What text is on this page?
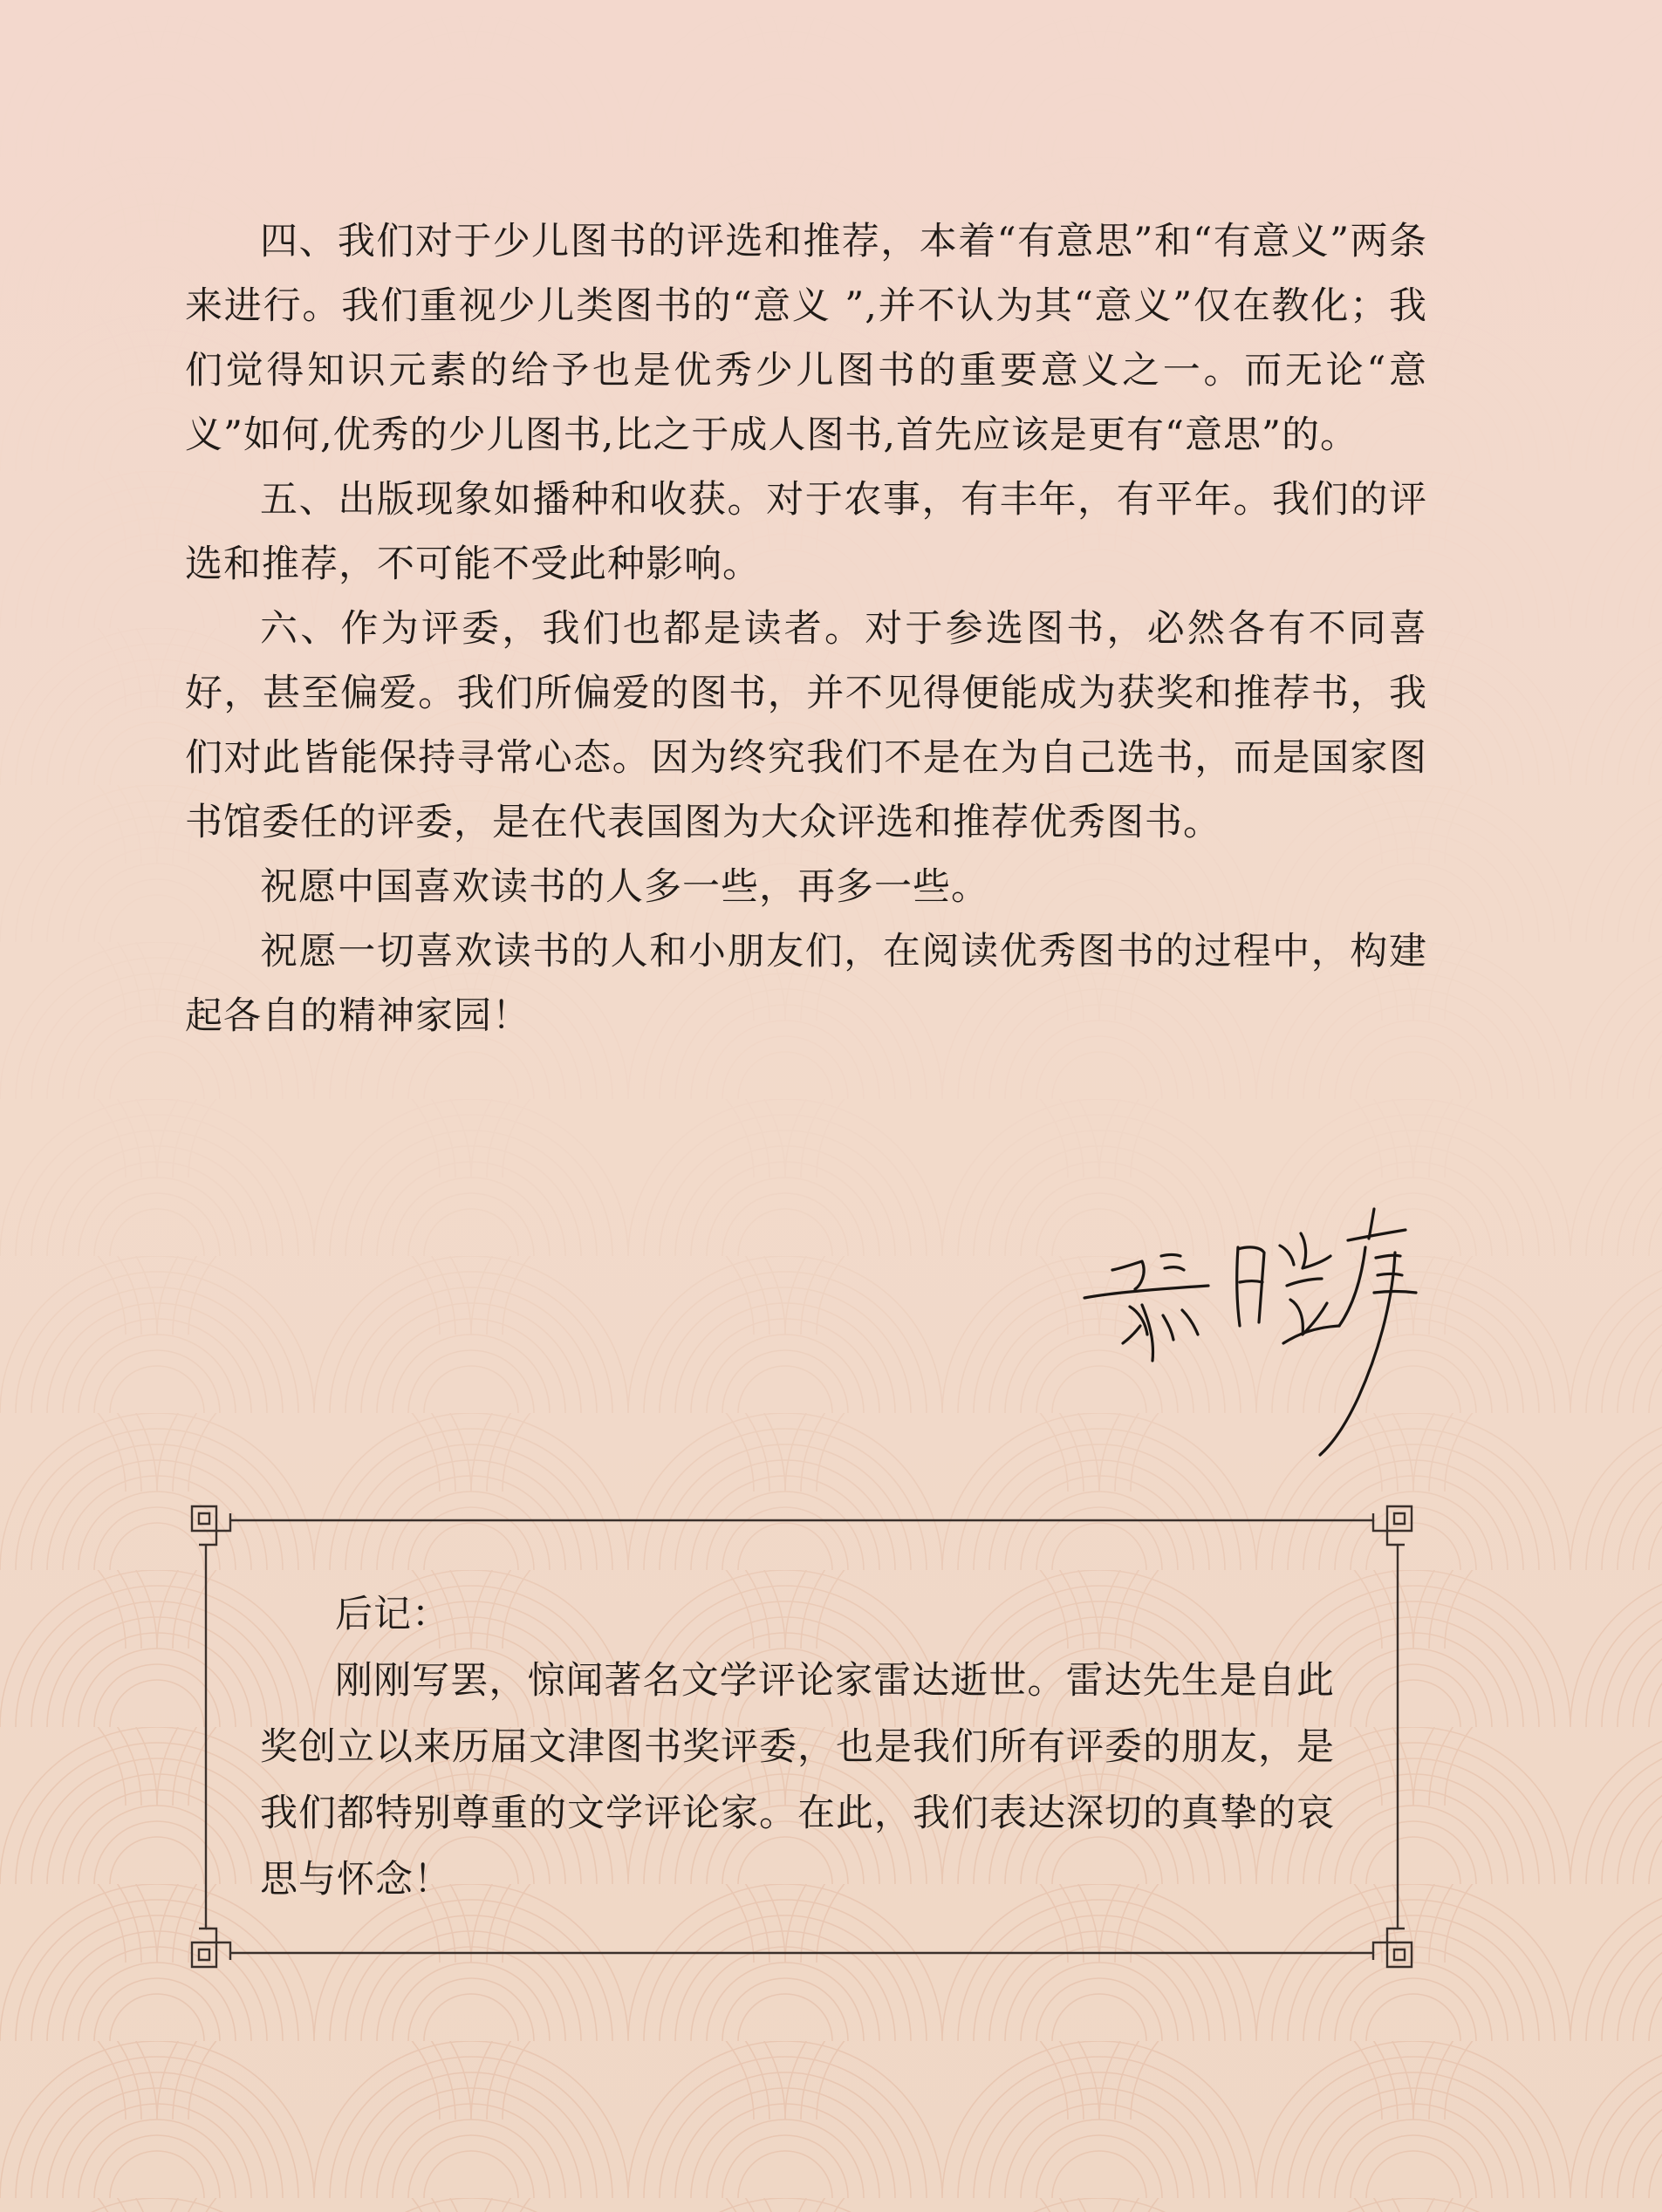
四、我们对于少儿图书的评选和推荐，本着“有意思”和“有意义”两条来进行。我们重视少儿类图书的“意义 ”,并不认为其“意义”仅在教化；我们觉得知识元素的给予也是优秀少儿图书的重要意义之一。而无论“意义”如何,优秀的少儿图书,比之于成人图书,首先应该是更有“意思”的。

五、出版现象如播种和收获。对于农事，有丰年，有平年。我们的评选和推荐，不可能不受此种影响。

六、作为评委，我们也都是读者。对于参选图书，必然各有不同喜好，甚至偏爱。我们所偏爱的图书，并不见得便能成为获奖和推荐书，我们对此皆能保持寻常心态。因为终究我们不是在为自己选书，而是国家图书馆委任的评委，是在代表国图为大众评选和推荐优秀图书。

祝愿中国喜欢读书的人多一些，再多一些。

祝愿一切喜欢读书的人和小朋友们，在阅读优秀图书的过程中，构建起各自的精神家园！

后记：

刚刚写罢，惊闻著名文学评论家雷达逝世。雷达先生是自此奖创立以来历届文津图书奖评委，也是我们所有评委的朋友，是我们都特别尊重的文学评论家。在此，我们表达深切的真挚的哀思与怀念！
